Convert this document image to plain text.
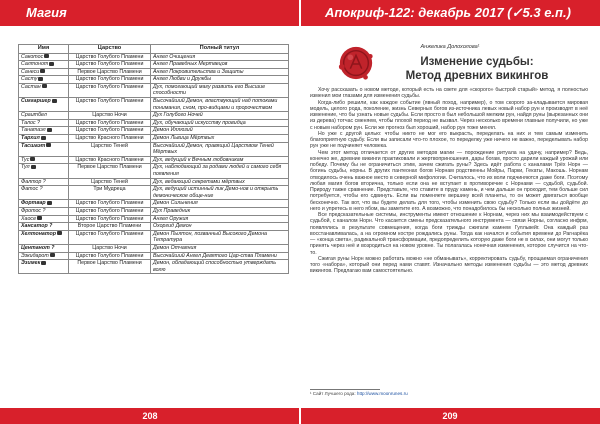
Магия	Апокриф-122: декабрь 2017 (✓5.3 е.п.)
Имя	Царство	Полный титул
Сакотос	Царство Голубого Пламени	Ангел Очищения
Салтонот	Царство Голубого Пламени	Ангел Праведных Мертвецов
Санеси	Первое Царство Пламени	Ангел Покровительства и Защиты
Састу	Царство Голубого Пламени	Ангел Любви и Дружбы
Састан	Царство Голубого Пламени	Дух, помогающий магу развить его Высшие способности
Сиггаршер	Царство Голубого Пламени	Высочайший Демон, властвующий над потоками понимания, сном, про-видцами и пророчеством
Сраитбел	Царство Ночи	Дух Голубого Ночей
Талос ?	Царство Голубого Пламени	Дух, обучающий искусству провидца
Танатаэл	Царство Голубого Пламени	Демон Иллюзий
Тархил	Царство Красного Пламени	Демон Львица Мёртвых
Тасшаэт	Царство Теней	Высочайший Демон, правящий Царством Теней Мёртвых
Тус	Царство Красного Пламени	Дух, ведущий к Вечным любовникам
Тул	Первое Царство Пламени	Дух, наблюдающий за родами людей и самого себя появления
Фалтор ?	Царство Теней	Дух, ведающий секретами мёртвых
Фатос ?	Три Мудреца	Дух, ведущий истинный лик Демо-нов и открыть демоническое обще-ние
Фортвар	Царство Голубого Пламени	Демон Сильнения
Фротос ?	Царство Голубого Пламени	Дух Праведник
Хаосе	Царство Голубого Пламени	Ангел Оружия
Хансатор ?	Второе Царство Пламени	Охоргид Демон
Хелтонатор	Царство Голубого Пламени	Демон Пылтон, позванный Высокого Демона Тетратура
Центанот ?	Царство Ночи	Демон Отчаяния
Эзкидарот	Царство Голубого Пламени	Высочайший Ангел Девятого Цар-ства Пламени
Эзимек	Первое Царство Пламени	Демон, обладающий способностью утверждать волю
Анжелика Долохолова¹
Изменение судьбы:
Метод древних викингов

Хочу рассказать о новом методе, который есть на свете для «скорого» быстрой старый» метод, я полностью изменил мои глазами для изменения судьбы.

Когда-либо решили, как каждое событие (явный поход, например), о том скорого за-кладывается мировая модель, целого рода, поколение, жизнь Северных богов из-источника левых новый набор рун и производят в неё изменение, что бы узнать новые судьбы. Если просто в был небольшой мелким рун, найдя руны (вырезанных они из дерева) тотчас сменяем, чтобы плохой период не вызвал. Через несколько времени главные получили, но уже с новым набором рун. Если же прогноз был хороший, набор рун тоже менял.

Но уже с другой целью: чтобы никто не мог его выкрасть, переделать на них и тем самым изменить благоприятную судьбу. Если вы записали что-то плохое, то переделку уже ничего не важно, переделывать набор рун уже не подчиняет человека.

Чем этот метод отличается от других методов магии — порождение ритуала на удачу, например? Ведь, конечно же, древние викинги практиковали и жертвоприношения, дары богам, просто дарили каждый урожай или победу. Почему бы не ограничиться этим, зачем сжигать руны? Здесь идёт работа с каналами Трёх Норн — богинь судьбы, норны. В других пантеонах богов Норнам родственны Мойры, Парки, Гекаты, Макошь. Норнам отводилось очень важное место в северной мифологии. Считалось, что их воли подчиняются даже боги. Поэтому любая магия богов вторична, только если она не вступает в противоречие с Норнами — судьбой, судьбой. Природу также сравнение. Представьте, что ставите в пруду камень, и чем дальше он проходит, тем больше сил потребуется, чтобы его сдвинуть. Если вы поменяете вершину всей планеты, то он может двигаться вообще бесконечно. Так вот, что вы будете делать для того, чтобы изменить свою судьбу? Только если вы дойдёте до него и упретесь в него ябом, вы заметите его. А возможно, что понадобилось бы несколько полных жизней.

Все предсказательные системы, инструменты имеют отношение к Норнам, через них мы взаимодействуем с судьбой, с каналом Норн. Что касается смены предсказательного инструмента — связи Норны, согласно инфрм, появлялись в результате совмещения, когда боги трижды сжигали камнем Гулльвейг. Она каждый раз восстанавливалась, а на огромном костре рождались руны. Тогда как начался и события времени до Рагнарёка — «конца света», радикальной трансформации, предопределить которую даже боги не в силах, они могут только принять через неё и возродиться на новом уровне. Ты полагалась нонечная изменения, которое случится на что-то.

Сжигая руны Норн можно работать можно «не обманывать», корректировать судьбу, прощаемая ограничения того «набора», который они перед нами ставят. Изначально методы изменения судьбы — это метод древних викингов. Предлагаю вам самостоятельно.

¹ Сайт Лучшего рода: http://www.moonrunes.ru
208	209
